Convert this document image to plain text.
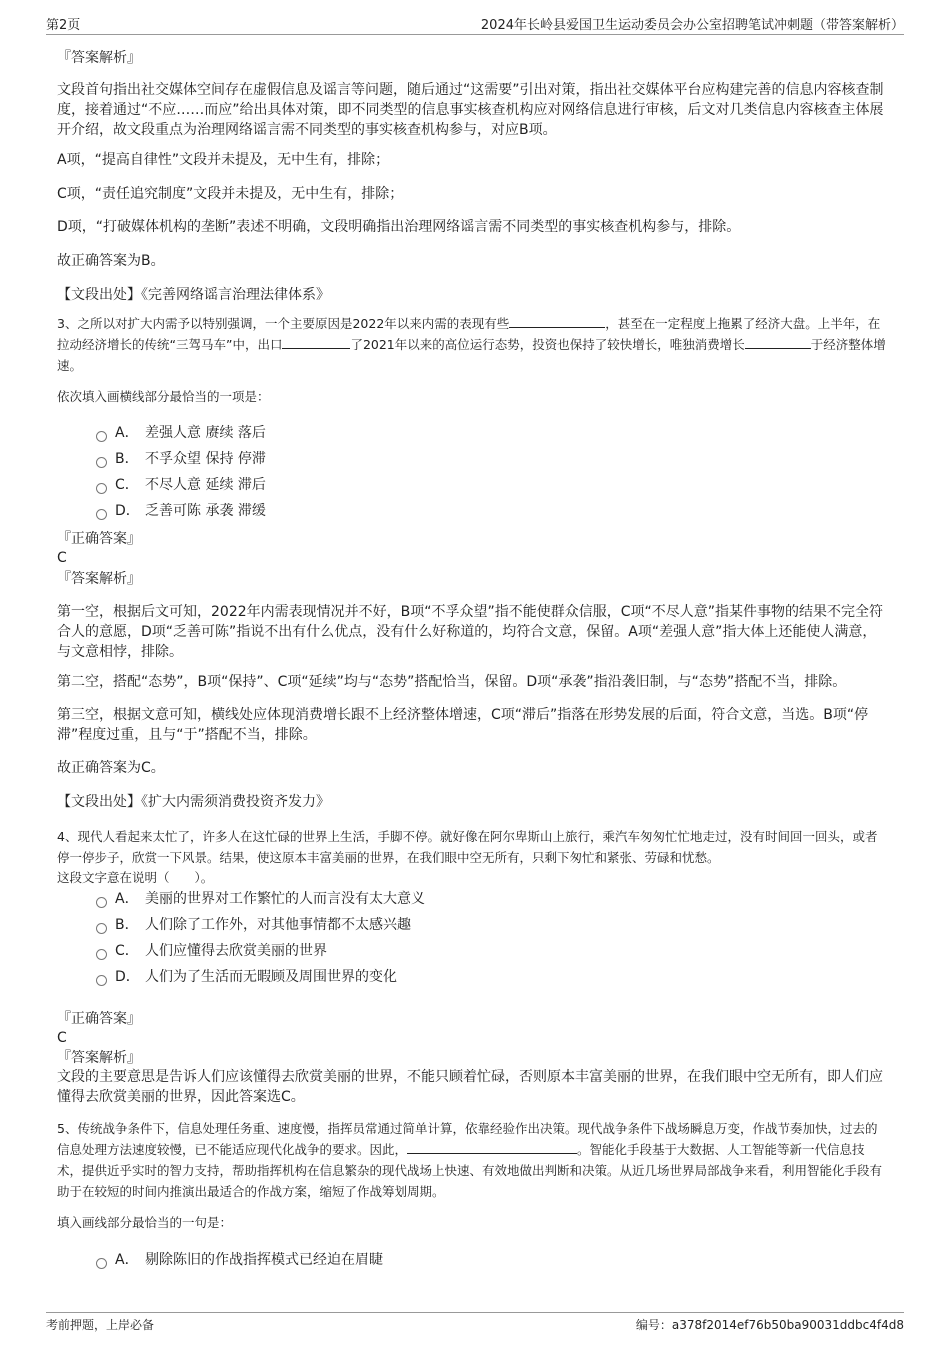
第2页	2024年长岭县爱国卫生运动委员会办公室招聘笔试冲刺题（带答案解析）
『答案解析』
文段首句指出社交媒体空间存在虚假信息及谣言等问题，随后通过“这需要”引出对策，指出社交媒体平台应构建完善的信息内容核查制度，接着通过“不应……而应”给出具体对策，即不同类型的信息事实核查机构应对网络信息进行审核，后文对几类信息内容核查主体展开介绍，故文段重点为治理网络谣言需不同类型的事实核查机构参与，对应B项。
A项，“提高自律性”文段并未提及，无中生有，排除；
C项，“责任追究制度”文段并未提及，无中生有，排除；
D项，“打破媒体机构的垄断”表述不明确，文段明确指出治理网络谣言需不同类型的事实核查机构参与，排除。
故正确答案为B。
【文段出处】《完善网络谣言治理法律体系》
3、之所以对扩大内需予以特别强调，一个主要原因是2022年以来内需的表现有些	，甚至在一定程度上拖累了经济大盘。上半年，在拉动经济增长的传统“三驾马车”中，出口	了2021年以来的高位运行态势，投资也保持了较快增长，唯独消费增长	于经济整体增速。
依次填入画横线部分最恰当的一项是：
A． 差强人意 赓续 落后
B． 不孚众望 保持 停滞
C． 不尽人意 延续 滞后
D． 乏善可陈 承袭 滞缓
『正确答案』
C
『答案解析』
第一空，根据后文可知，2022年内需表现情况并不好，B项“不孚众望”指不能使群众信服，C项“不尽人意”指某件事物的结果不完全符合人的意愿，D项“乏善可陈”指说不出有什么优点，没有什么好称道的，均符合文意，保留。A项“差强人意”指大体上还能使人满意，与文意相悖，排除。
第二空，搭配“态势”，B项“保持”、C项“延续”均与“态势”搭配恰当，保留。D项“承袭”指沿袭旧制，与“态势”搭配不当，排除。
第三空，根据文意可知，横线处应体现消费增长跟不上经济整体增速，C项“滞后”指落在形势发展的后面，符合文意，当选。B项“停滞”程度过重，且与“于”搭配不当，排除。
故正确答案为C。
【文段出处】《扩大内需须消费投资齐发力》
4、现代人看起来太忙了，许多人在这忙碌的世界上生活，手脚不停。就好像在阿尔卑斯山上旅行，乘汽车匆匆忙忙地走过，没有时间回一回头，或者停一停步子，欣赏一下风景。结果，使这原本丰富美丽的世界，在我们眼中空无所有，只剩下匆忙和紧张、劳碌和忧愁。
这段文字意在说明（　　）。
A． 美丽的世界对工作繁忙的人而言没有太大意义
B． 人们除了工作外，对其他事情都不太感兴趣
C． 人们应懂得去欣赏美丽的世界
D． 人们为了生活而无暇顾及周围世界的变化
『正确答案』
C
『答案解析』
文段的主要意思是告诉人们应该懂得去欣赏美丽的世界，不能只顾着忙碌，否则原本丰富美丽的世界，在我们眼中空无所有，即人们应懂得去欣赏美丽的世界，因此答案选C。
5、传统战争条件下，信息处理任务重、速度慢，指挥员常通过简单计算，依靠经验作出决策。现代战争条件下战场瞬息万变，作战节奏加快，过去的信息处理方法速度较慢，已不能适应现代化战争的要求。因此，	。智能化手段基于大数据、人工智能等新一代信息技术，提供近乎实时的智力支持，帮助指挥机构在信息繁杂的现代战场上快速、有效地做出判断和决策。从近几场世界局部战争来看，利用智能化手段有助于在较短的时间内推演出最适合的作战方案，缩短了作战筹划周期。
填入画线部分最恰当的一句是：
A． 剔除陈旧的作战指挥模式已经迫在眉睫
考前押题，上岸必备	编号：a378f2014ef76b50ba90031ddbc4f4d8
